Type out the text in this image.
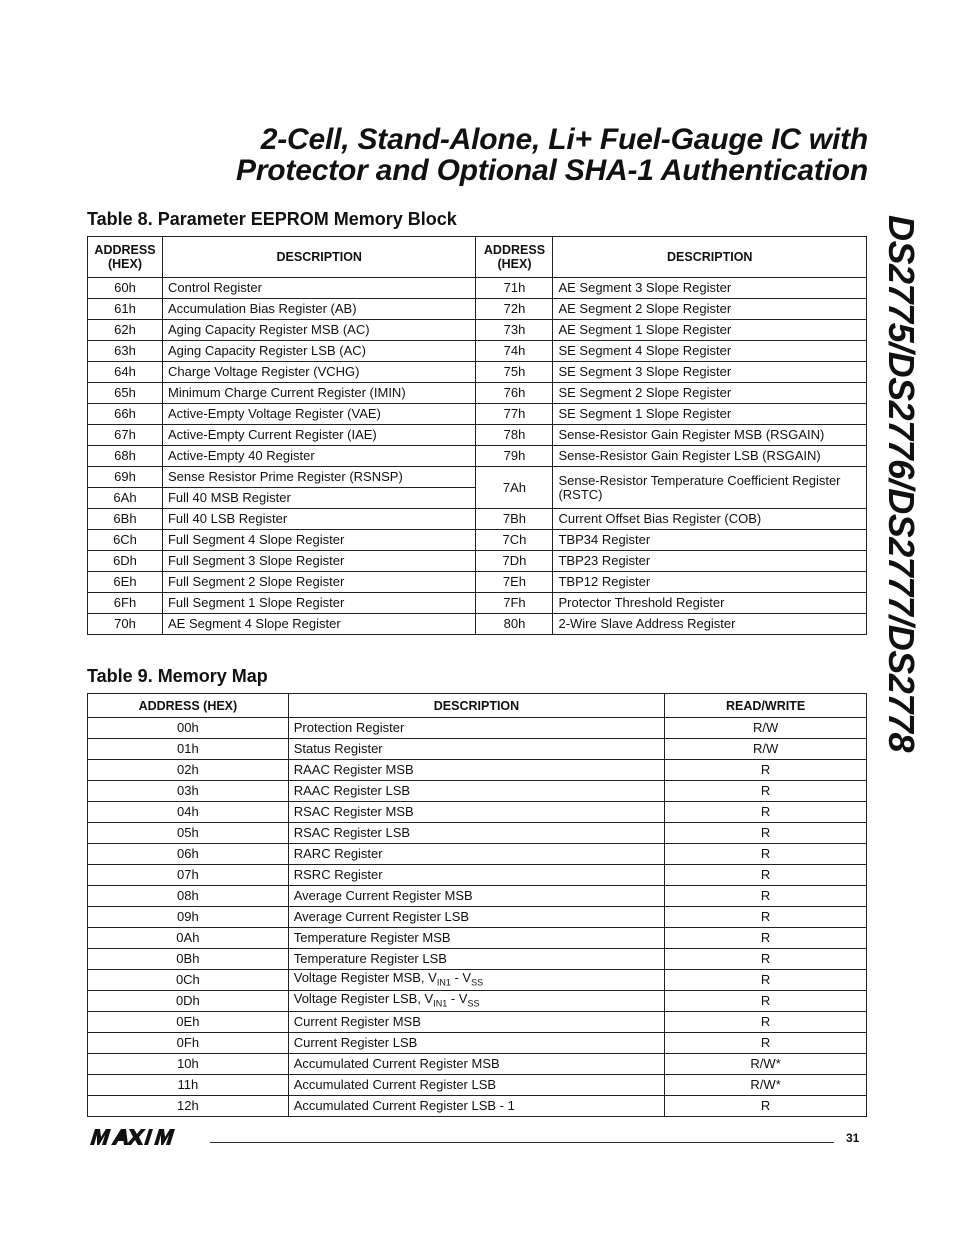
2-Cell, Stand-Alone, Li+ Fuel-Gauge IC with
Protector and Optional SHA-1 Authentication
DS2775/DS2776/DS2777/DS2778
Table 8. Parameter EEPROM Memory Block
ADDRESS (HEX)	DESCRIPTION	ADDRESS (HEX)	DESCRIPTION
60h	Control Register	71h	AE Segment 3 Slope Register
61h	Accumulation Bias Register (AB)	72h	AE Segment 2 Slope Register
62h	Aging Capacity Register MSB (AC)	73h	AE Segment 1 Slope Register
63h	Aging Capacity Register LSB (AC)	74h	SE Segment 4 Slope Register
64h	Charge Voltage Register (VCHG)	75h	SE Segment 3 Slope Register
65h	Minimum Charge Current Register (IMIN)	76h	SE Segment 2 Slope Register
66h	Active-Empty Voltage Register (VAE)	77h	SE Segment 1 Slope Register
67h	Active-Empty Current Register (IAE)	78h	Sense-Resistor Gain Register MSB (RSGAIN)
68h	Active-Empty 40 Register	79h	Sense-Resistor Gain Register LSB (RSGAIN)
69h	Sense Resistor Prime Register (RSNSP)	7Ah	Sense-Resistor Temperature Coefficient Register (RSTC)
6Ah	Full 40 MSB Register		
6Bh	Full 40 LSB Register	7Bh	Current Offset Bias Register (COB)
6Ch	Full Segment 4 Slope Register	7Ch	TBP34 Register
6Dh	Full Segment 3 Slope Register	7Dh	TBP23 Register
6Eh	Full Segment 2 Slope Register	7Eh	TBP12 Register
6Fh	Full Segment 1 Slope Register	7Fh	Protector Threshold Register
70h	AE Segment 4 Slope Register	80h	2-Wire Slave Address Register
Table 9. Memory Map
ADDRESS (HEX)	DESCRIPTION	READ/WRITE
00h	Protection Register	R/W
01h	Status Register	R/W
02h	RAAC Register MSB	R
03h	RAAC Register LSB	R
04h	RSAC Register MSB	R
05h	RSAC Register LSB	R
06h	RARC Register	R
07h	RSRC Register	R
08h	Average Current Register MSB	R
09h	Average Current Register LSB	R
0Ah	Temperature Register MSB	R
0Bh	Temperature Register LSB	R
0Ch	Voltage Register MSB, $V_{IN1} - V_{SS}$	R
0Dh	Voltage Register LSB, $V_{IN1} - V_{SS}$	R
0Eh	Current Register MSB	R
0Fh	Current Register LSB	R
10h	Accumulated Current Register MSB	R/W*
11h	Accumulated Current Register LSB	R/W*
12h	Accumulated Current Register LSB - 1	R
31
